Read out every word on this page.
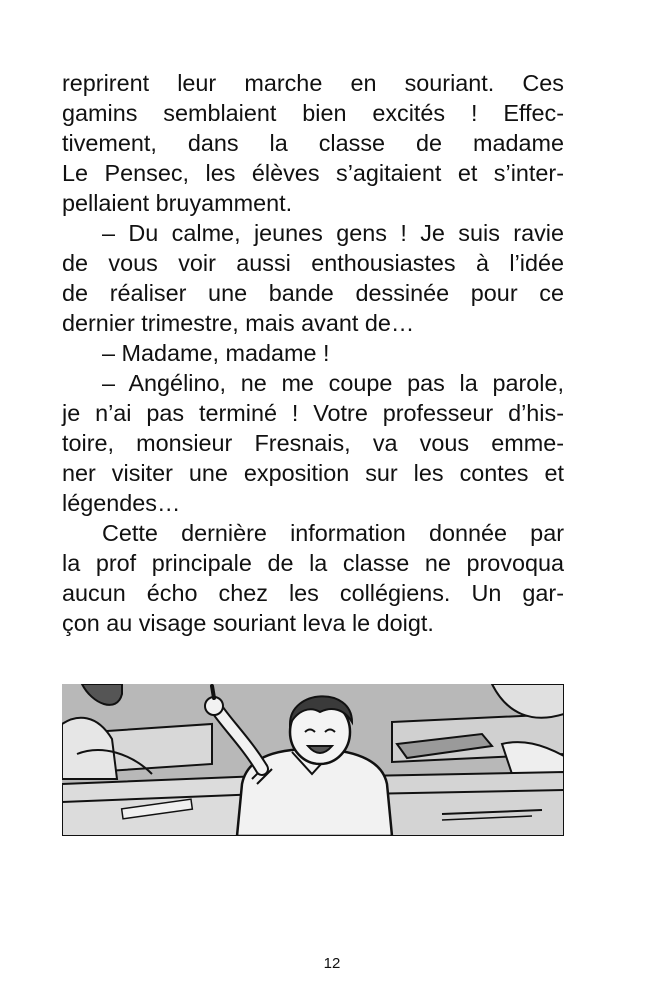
reprirent leur marche en souriant. Ces
gamins semblaient bien excités ! Effec-
tivement, dans la classe de madame
Le Pensec, les élèves s’agitaient et s’inter-
pellaient bruyamment.
– Du calme, jeunes gens ! Je suis ravie
de vous voir aussi enthousiastes à l’idée
de réaliser une bande dessinée pour ce
dernier trimestre, mais avant de…
– Madame, madame !
– Angélino, ne me coupe pas la parole,
je n’ai pas terminé ! Votre professeur d’his-
toire, monsieur Fresnais, va vous emme-
ner visiter une exposition sur les contes et
légendes…
Cette dernière information donnée par
la prof principale de la classe ne provoqua
aucun écho chez les collégiens. Un gar-
çon au visage souriant leva le doigt.
12
